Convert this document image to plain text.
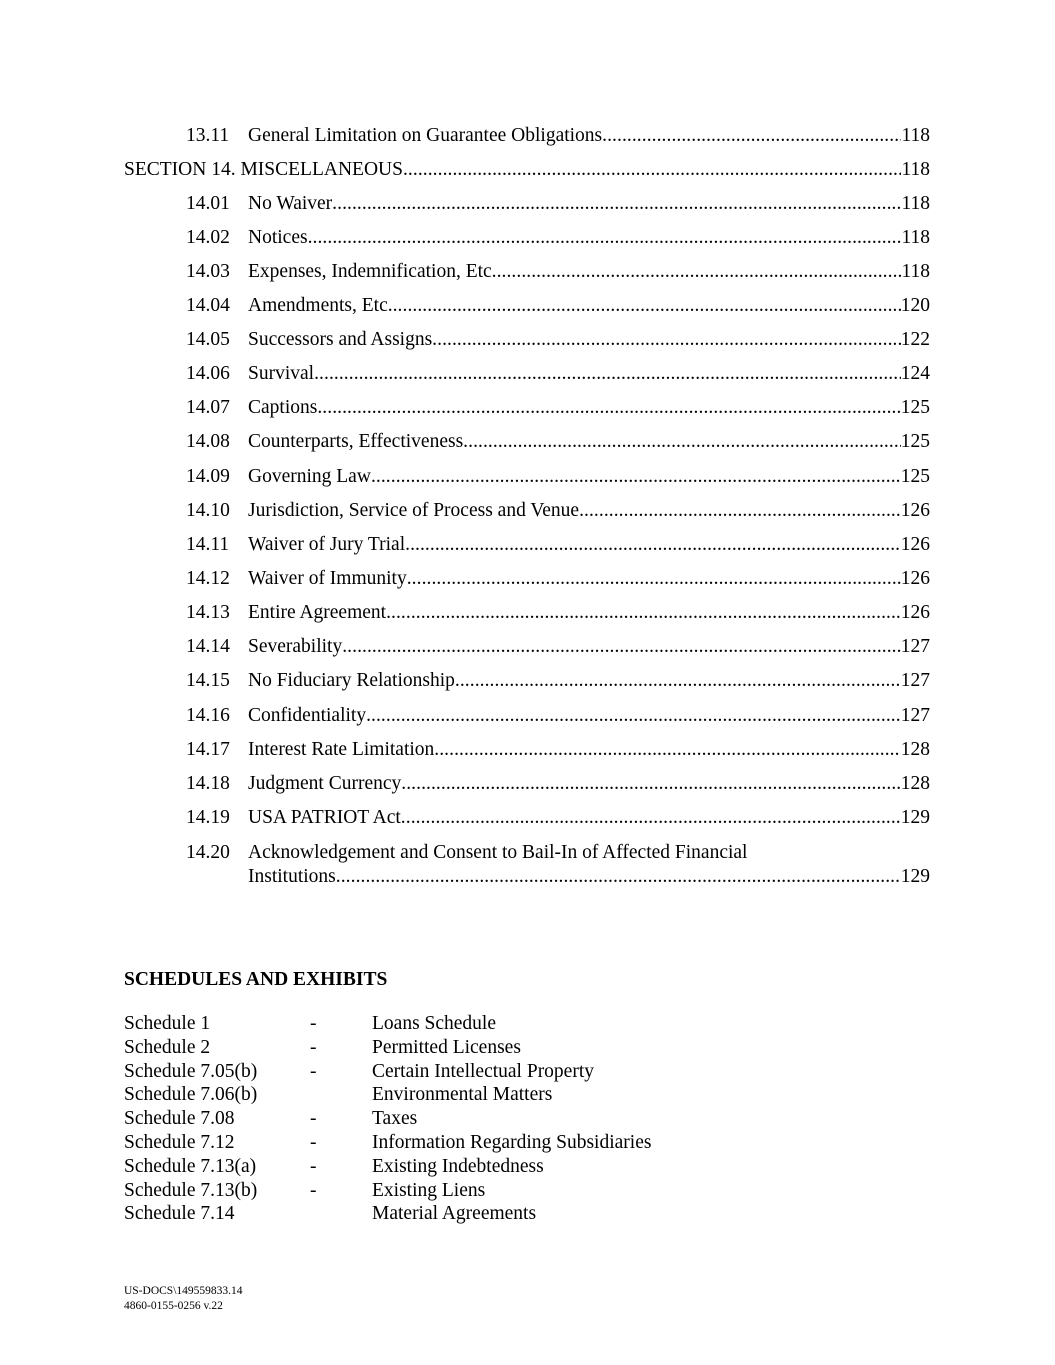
13.11 General Limitation on Guarantee Obligations . . .	118
SECTION 14. MISCELLANEOUS . . .	118
14.01 No Waiver . . .	118
14.02 Notices . . .	118
14.03 Expenses, Indemnification, Etc. . . .	118
14.04 Amendments, Etc. . . .	120
14.05 Successors and Assigns . . .	122
14.06 Survival . . .	124
14.07 Captions . . .	125
14.08 Counterparts, Effectiveness . . .	125
14.09 Governing Law . . .	125
14.10 Jurisdiction, Service of Process and Venue . . .	126
14.11 Waiver of Jury Trial . . .	126
14.12 Waiver of Immunity . . .	126
14.13 Entire Agreement . . .	126
14.14 Severability . . .	127
14.15 No Fiduciary Relationship . . .	127
14.16 Confidentiality . . .	127
14.17 Interest Rate Limitation . . .	128
14.18 Judgment Currency . . .	128
14.19 USA PATRIOT Act . . .	129
14.20 Acknowledgement and Consent to Bail-In of Affected Financial
Institutions . . .	129
SCHEDULES AND EXHIBITS
Schedule 1	-	Loans Schedule
Schedule 2	-	Permitted Licenses
Schedule 7.05(b)	-	Certain Intellectual Property
Schedule 7.06(b)	Environmental Matters
Schedule 7.08	-	Taxes
Schedule 7.12	-	Information Regarding Subsidiaries
Schedule 7.13(a)	-	Existing Indebtedness
Schedule 7.13(b)	-	Existing Liens
Schedule 7.14	Material Agreements
US-DOCS\149559833.14
4860-0155-0256 v.22
